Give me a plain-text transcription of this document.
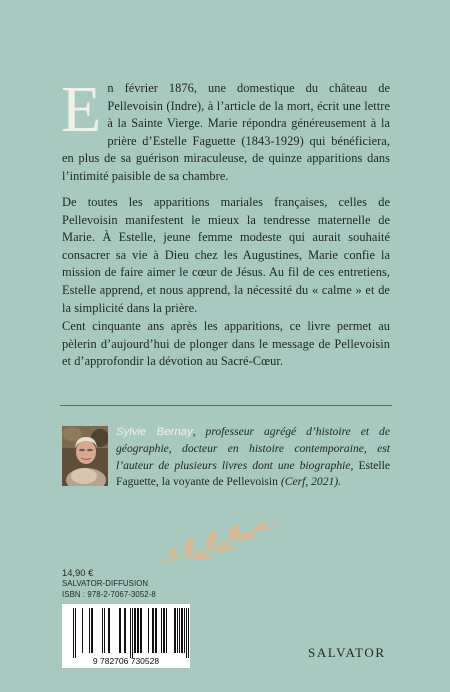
En février 1876, une domestique du château de Pellevoisin (Indre), à l’article de la mort, écrit une lettre à la Sainte Vierge. Marie répondra généreusement à la prière d’Estelle Faguette (1843-1929) qui bénéficiera, en plus de sa guérison miraculeuse, de quinze apparitions dans l’intimité paisible de sa chambre.
De toutes les apparitions mariales françaises, celles de Pellevoisin manifestent le mieux la tendresse maternelle de Marie. À Estelle, jeune femme modeste qui aurait souhaité consacrer sa vie à Dieu chez les Augustines, Marie confie la mission de faire aimer le cœur de Jésus. Au fil de ces entretiens, Estelle apprend, et nous apprend, la nécessité du « calme » et de la simplicité dans la prière.
Cent cinquante ans après les apparitions, ce livre permet au pèlerin d’aujourd’hui de plonger dans le message de Pellevoisin et d’approfondir la dévotion au Sacré-Cœur.
Sylvie Bernay, professeur agrégé d’histoire et de géographie, docteur en histoire contemporaine, est l’auteur de plusieurs livres dont une biographie, Estelle Faguette, la voyante de Pellevoisin (Cerf, 2021).
14,90 €
SALVATOR-DIFFUSION
ISBN : 978-2-7067-3052-8
9 782706 730528
SALVATOR
